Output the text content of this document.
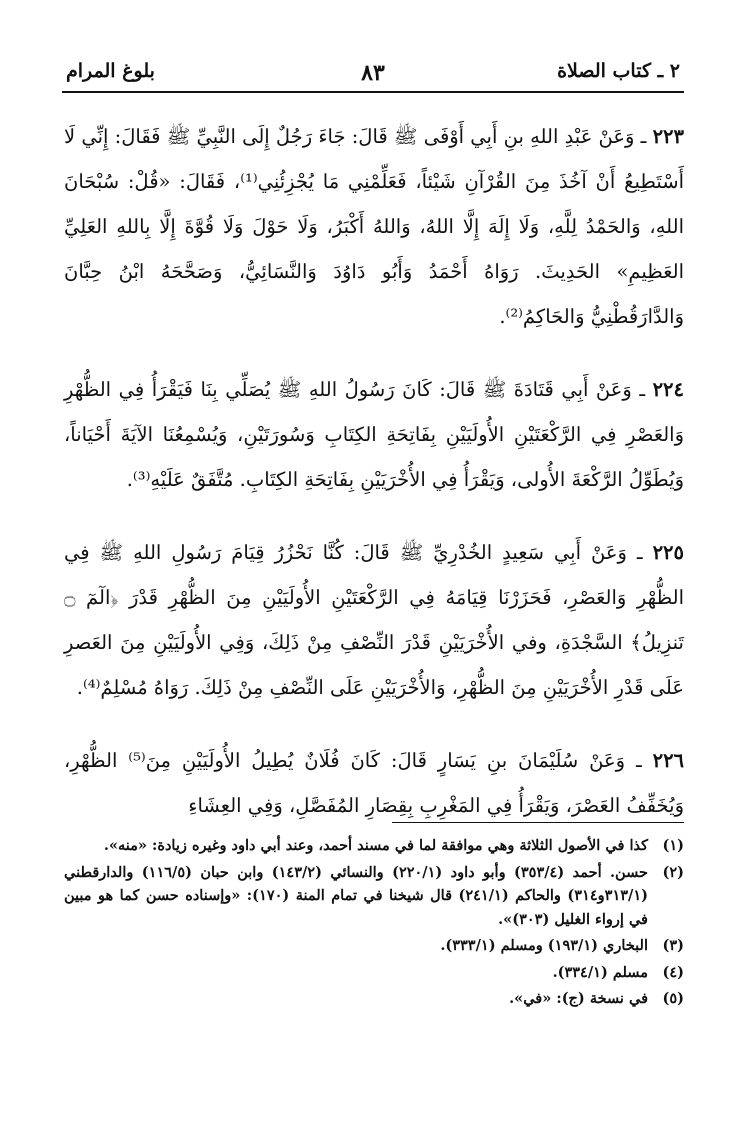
٢ ـ كتاب الصلاة
٨٣
بلوغ المرام

٢٢٣ ـ وَعَنْ عَبْدِ اللهِ بنِ أَبِي أَوْفَى ﷺ قَالَ: جَاءَ رَجُلٌ إِلَى النَّبِيِّ ﷺ فَقَالَ: إِنِّي لَا أَسْتَطِيعُ أَنْ آخُذَ مِنَ القُرْآنِ شَيْئاً، فَعَلِّمْنِي مَا يُجْزِئُنِي⁽¹⁾، فَقَالَ: «قُلْ: سُبْحَانَ اللهِ، وَالحَمْدُ لِلَّهِ، وَلَا إِلَهَ إِلَّا اللهُ، وَاللهُ أَكْبَرُ، وَلَا حَوْلَ وَلَا قُوَّةَ إِلَّا بِاللهِ العَلِيِّ العَظِيمِ» الحَدِيثَ. رَوَاهُ أَحْمَدُ وَأَبُو دَاوُدَ وَالنَّسَائِيُّ، وَصَحَّحَهُ ابْنُ حِبَّانَ وَالدَّارَقُطْنِيُّ وَالحَاكِمُ⁽²⁾.

٢٢٤ ـ وَعَنْ أَبِي قَتَادَةَ ﷺ قَالَ: كَانَ رَسُولُ اللهِ ﷺ يُصَلِّي بِنَا فَيَقْرَأُ فِي الظُّهْرِ وَالعَصْرِ فِي الرَّكْعَتَيْنِ الأُولَيَيْنِ بِفَاتِحَةِ الكِتَابِ وَسُورَتَيْنِ، وَيُسْمِعُنَا الآيَةَ أَحْيَاناً، وَيُطَوِّلُ الرَّكْعَةَ الأُولى، وَيَقْرَأُ فِي الأُخْرَيَيْنِ بِفَاتِحَةِ الكِتَابِ. مُتَّفَقٌ عَلَيْهِ⁽³⁾.

٢٢٥ ـ وَعَنْ أَبِي سَعِيدٍ الخُدْرِيِّ ﷺ قَالَ: كُنَّا نَحْزُرُ قِيَامَ رَسُولِ اللهِ ﷺ فِي الظُّهْرِ وَالعَصْرِ، فَحَزَرْنَا قِيَامَهُ فِي الرَّكْعَتَيْنِ الأُولَيَيْنِ مِنَ الظُّهْرِ قَدْرَ ﴿الٓمٓ ۝ تَنزِيلُ﴾ السَّجْدَةِ، وفي الأُخْرَيَيْنِ قَدْرَ النِّصْفِ مِنْ ذَلِكَ، وَفِي الأُولَيَيْنِ مِنَ العَصرِ عَلَى قَدْرِ الأُخْرَيَيْنِ مِنَ الظُّهْرِ، وَالأُخْرَيَيْنِ عَلَى النِّصْفِ مِنْ ذَلِكَ. رَوَاهُ مُسْلِمٌ⁽⁴⁾.

٢٢٦ ـ وَعَنْ سُلَيْمَانَ بنِ يَسَارٍ قَالَ: كَانَ فُلَانٌ يُطِيلُ الأُولَيَيْنِ مِنَ⁽⁵⁾ الظُّهْرِ، وَيُخَفِّفُ العَصْرَ، وَيَقْرَأُ فِي المَغْرِبِ بِقِصَارِ المُفَصَّلِ، وَفِي العِشَاءِ

(١)
كذا في الأصول الثلاثة وهي موافقة لما في مسند أحمد، وعند أبي داود وغيره زيادة: «منه».
(٢)
حسن. أحمد (٣٥٣/٤) وأبو داود (٢٢٠/١) والنسائي (١٤٣/٢) وابن حبان (١١٦/٥) والدارقطني (٣١٣/١و٣١٤) والحاكم (٢٤١/١) قال شيخنا في تمام المنة (١٧٠): «وإسناده حسن كما هو مبين في إرواء الغليل (٣٠٣)».
(٣)
البخاري (١٩٣/١) ومسلم (٣٣٣/١).
(٤)
مسلم (٣٣٤/١).
(٥)
في نسخة (ج): «في».
